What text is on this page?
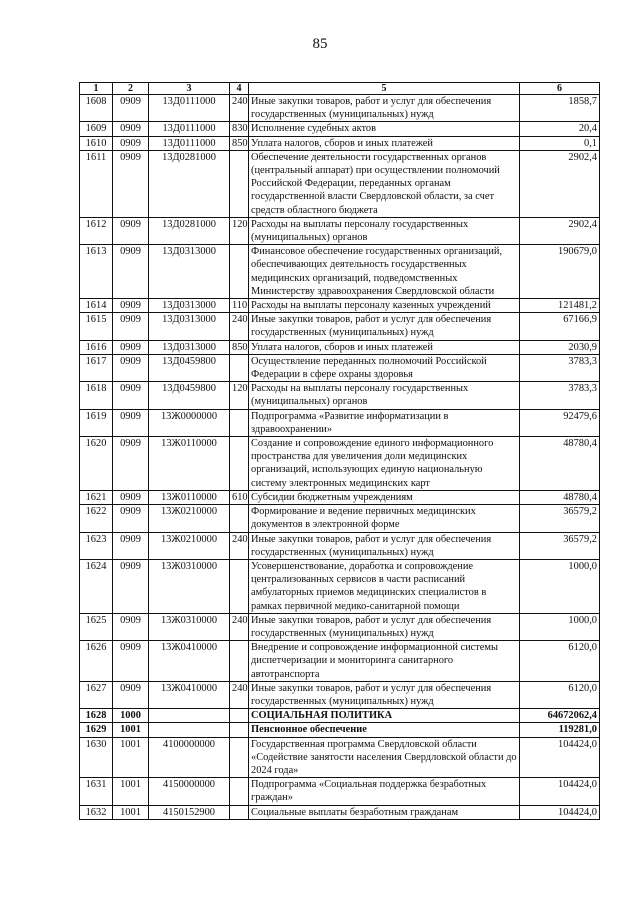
85
1	2	3	4	5	6
1608	0909	13Д0111000	240	Иные закупки товаров, работ и услуг для обеспечения государственных (муниципальных) нужд	1858,7
1609	0909	13Д0111000	830	Исполнение судебных актов	20,4
1610	0909	13Д0111000	850	Уплата налогов, сборов и иных платежей	0,1
1611	0909	13Д0281000		Обеспечение деятельности государственных органов (центральный аппарат) при осуществлении полномочий Российской Федерации, переданных органам государственной власти Свердловской области, за счет средств областного бюджета	2902,4
1612	0909	13Д0281000	120	Расходы на выплаты персоналу государственных (муниципальных) органов	2902,4
1613	0909	13Д0313000		Финансовое обеспечение государственных организаций, обеспечивающих деятельность государственных медицинских организаций, подведомственных Министерству здравоохранения Свердловской области	190679,0
1614	0909	13Д0313000	110	Расходы на выплаты персоналу казенных учреждений	121481,2
1615	0909	13Д0313000	240	Иные закупки товаров, работ и услуг для обеспечения государственных (муниципальных) нужд	67166,9
1616	0909	13Д0313000	850	Уплата налогов, сборов и иных платежей	2030,9
1617	0909	13Д0459800		Осуществление переданных полномочий Российской Федерации в сфере охраны здоровья	3783,3
1618	0909	13Д0459800	120	Расходы на выплаты персоналу государственных (муниципальных) органов	3783,3
1619	0909	13Ж0000000		Подпрограмма «Развитие информатизации в здравоохранении»	92479,6
1620	0909	13Ж0110000		Создание и сопровождение единого информационного пространства для увеличения доли медицинских организаций, использующих единую национальную систему электронных медицинских карт	48780,4
1621	0909	13Ж0110000	610	Субсидии бюджетным учреждениям	48780,4
1622	0909	13Ж0210000		Формирование и ведение первичных медицинских документов в электронной форме	36579,2
1623	0909	13Ж0210000	240	Иные закупки товаров, работ и услуг для обеспечения государственных (муниципальных) нужд	36579,2
1624	0909	13Ж0310000		Усовершенствование, доработка и сопровождение централизованных сервисов в части расписаний амбулаторных приемов медицинских специалистов в рамках первичной медико-санитарной помощи	1000,0
1625	0909	13Ж0310000	240	Иные закупки товаров, работ и услуг для обеспечения государственных (муниципальных) нужд	1000,0
1626	0909	13Ж0410000		Внедрение и сопровождение информационной системы диспетчеризации и мониторинга санитарного автотранспорта	6120,0
1627	0909	13Ж0410000	240	Иные закупки товаров, работ и услуг для обеспечения государственных (муниципальных) нужд	6120,0
1628	1000			СОЦИАЛЬНАЯ ПОЛИТИКА	64672062,4
1629	1001			Пенсионное обеспечение	119281,0
1630	1001	4100000000		Государственная программа Свердловской области «Содействие занятости населения Свердловской области до 2024 года»	104424,0
1631	1001	4150000000		Подпрограмма «Социальная поддержка безработных граждан»	104424,0
1632	1001	4150152900		Социальные выплаты безработным гражданам	104424,0
